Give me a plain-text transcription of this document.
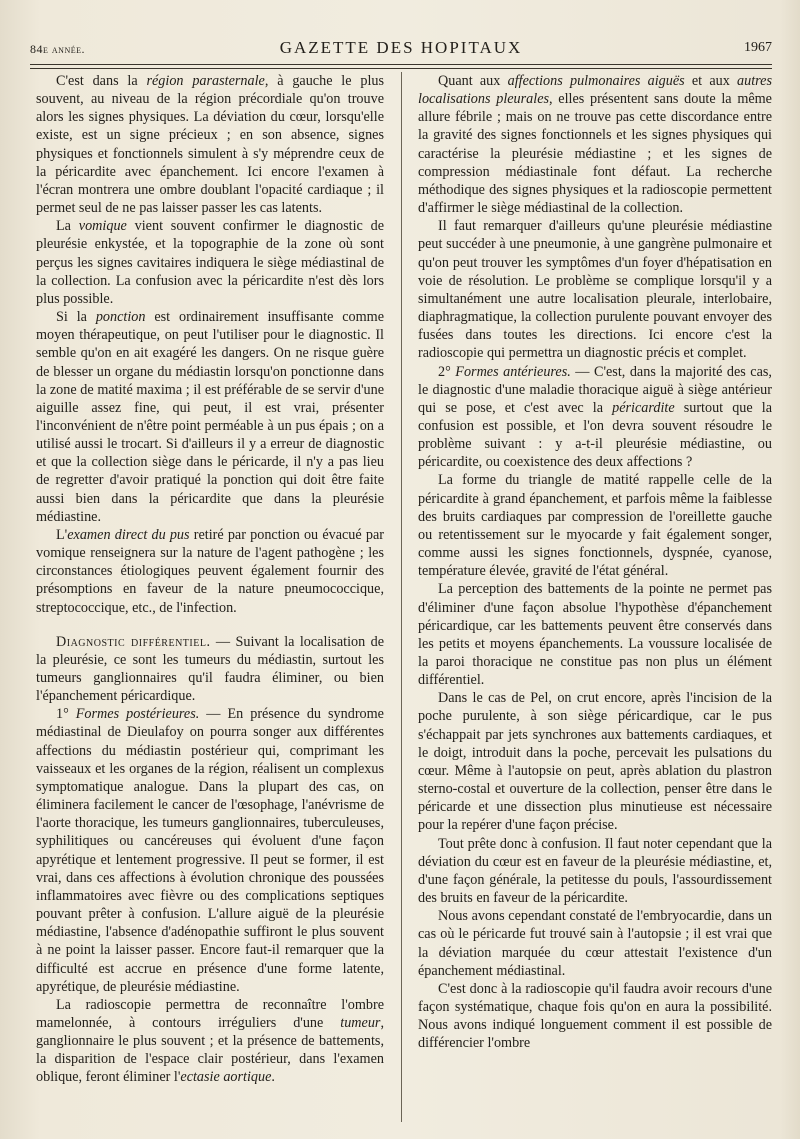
84e année.	GAZETTE DES HOPITAUX	1967

C'est dans la région parasternale, à gauche le plus souvent, au niveau de la région précordiale qu'on trouve alors les signes physiques. La déviation du cœur, lorsqu'elle existe, est un signe précieux ; en son absence, signes physiques et fonctionnels simulent à s'y méprendre ceux de la péricardite avec épanchement. Ici encore l'examen à l'écran montrera une ombre doublant l'opacité cardiaque ; il permet seul de ne pas laisser passer les cas latents.

La vomique vient souvent confirmer le diagnostic de pleurésie enkystée, et la topographie de la zone où sont perçus les signes cavitaires indiquera le siège médiastinal de la collection. La confusion avec la péricardite n'est dès lors plus possible.

Si la ponction est ordinairement insuffisante comme moyen thérapeutique, on peut l'utiliser pour le diagnostic. Il semble qu'on en ait exagéré les dangers. On ne risque guère de blesser un organe du médiastin lorsqu'on ponctionne dans la zone de matité maxima ; il est préférable de se servir d'une aiguille assez fine, qui peut, il est vrai, présenter l'inconvénient de n'être point perméable à un pus épais ; on a utilisé aussi le trocart. Si d'ailleurs il y a erreur de diagnostic et que la collection siège dans le péricarde, il n'y a pas lieu de regretter d'avoir pratiqué la ponction qui doit être faite aussi bien dans la péricardite que dans la pleurésie médiastine.

L'examen direct du pus retiré par ponction ou évacué par vomique renseignera sur la nature de l'agent pathogène ; les circonstances étiologiques peuvent également fournir des présomptions en faveur de la nature pneumococcique, streptococcique, etc., de l'infection.

Diagnostic différentiel. — Suivant la localisation de la pleurésie, ce sont les tumeurs du médiastin, surtout les tumeurs ganglionnaires qu'il faudra éliminer, ou bien l'épanchement péricardique.

1° Formes postérieures. — En présence du syndrome médiastinal de Dieulafoy on pourra songer aux différentes affections du médiastin postérieur qui, comprimant les vaisseaux et les organes de la région, réalisent un complexus symptomatique analogue. Dans la plupart des cas, on éliminera facilement le cancer de l'œsophage, l'anévrisme de l'aorte thoracique, les tumeurs ganglionnaires, tuberculeuses, syphilitiques ou cancéreuses qui évoluent d'une façon apyrétique et lentement progressive. Il peut se former, il est vrai, dans ces affections à évolution chronique des poussées inflammatoires avec fièvre ou des complications septiques pouvant prêter à confusion. L'allure aiguë de la pleurésie médiastine, l'absence d'adénopathie suffiront le plus souvent à ne point la laisser passer. Encore faut-il remarquer que la difficulté est accrue en présence d'une forme latente, apyrétique, de pleurésie médiastine.

La radioscopie permettra de reconnaître l'ombre mamelonnée, à contours irréguliers d'une tumeur, ganglionnaire le plus souvent ; et la présence de battements, la disparition de l'espace clair postérieur, dans l'examen oblique, feront éliminer l'ectasie aortique.

Quant aux affections pulmonaires aiguës et aux autres localisations pleurales, elles présentent sans doute la même allure fébrile ; mais on ne trouve pas cette discordance entre la gravité des signes fonctionnels et les signes physiques qui caractérise la pleurésie médiastine ; et les signes de compression médiastinale font défaut. La recherche méthodique des signes physiques et la radioscopie permettent d'affirmer le siège médiastinal de la collection.

Il faut remarquer d'ailleurs qu'une pleurésie médiastine peut succéder à une pneumonie, à une gangrène pulmonaire et qu'on peut trouver les symptômes d'un foyer d'hépatisation en voie de résolution. Le problème se complique lorsqu'il y a simultanément une autre localisation pleurale, interlobaire, diaphragmatique, la collection purulente pouvant envoyer des fusées dans toutes les directions. Ici encore c'est la radioscopie qui permettra un diagnostic précis et complet.

2° Formes antérieures. — C'est, dans la majorité des cas, le diagnostic d'une maladie thoracique aiguë à siège antérieur qui se pose, et c'est avec la péricardite surtout que la confusion est possible, et l'on devra souvent résoudre le problème suivant : y a-t-il pleurésie médiastine, ou péricardite, ou coexistence des deux affections ?

La forme du triangle de matité rappelle celle de la péricardite à grand épanchement, et parfois même la faiblesse des bruits cardiaques par compression de l'oreillette gauche ou retentissement sur le myocarde y fait également songer, comme aussi les signes fonctionnels, dyspnée, cyanose, température élevée, gravité de l'état général.

La perception des battements de la pointe ne permet pas d'éliminer d'une façon absolue l'hypothèse d'épanchement péricardique, car les battements peuvent être conservés dans les petits et moyens épanchements. La voussure localisée de la paroi thoracique ne constitue pas non plus un élément différentiel.

Dans le cas de Pel, on crut encore, après l'incision de la poche purulente, à son siège péricardique, car le pus s'échappait par jets synchrones aux battements cardiaques, et le doigt, introduit dans la poche, percevait les pulsations du cœur. Même à l'autopsie on peut, après ablation du plastron sterno-costal et ouverture de la collection, penser être dans le péricarde et une dissection plus minutieuse est nécessaire pour la repérer d'une façon précise.

Tout prête donc à confusion. Il faut noter cependant que la déviation du cœur est en faveur de la pleurésie médiastine, et, d'une façon générale, la petitesse du pouls, l'assourdissement des bruits en faveur de la péricardite.

Nous avons cependant constaté de l'embryocardie, dans un cas où le péricarde fut trouvé sain à l'autopsie ; il est vrai que la déviation marquée du cœur attestait l'existence d'un épanchement médiastinal.

C'est donc à la radioscopie qu'il faudra avoir recours d'une façon systématique, chaque fois qu'on en aura la possibilité. Nous avons indiqué longuement comment il est possible de différencier l'ombre
